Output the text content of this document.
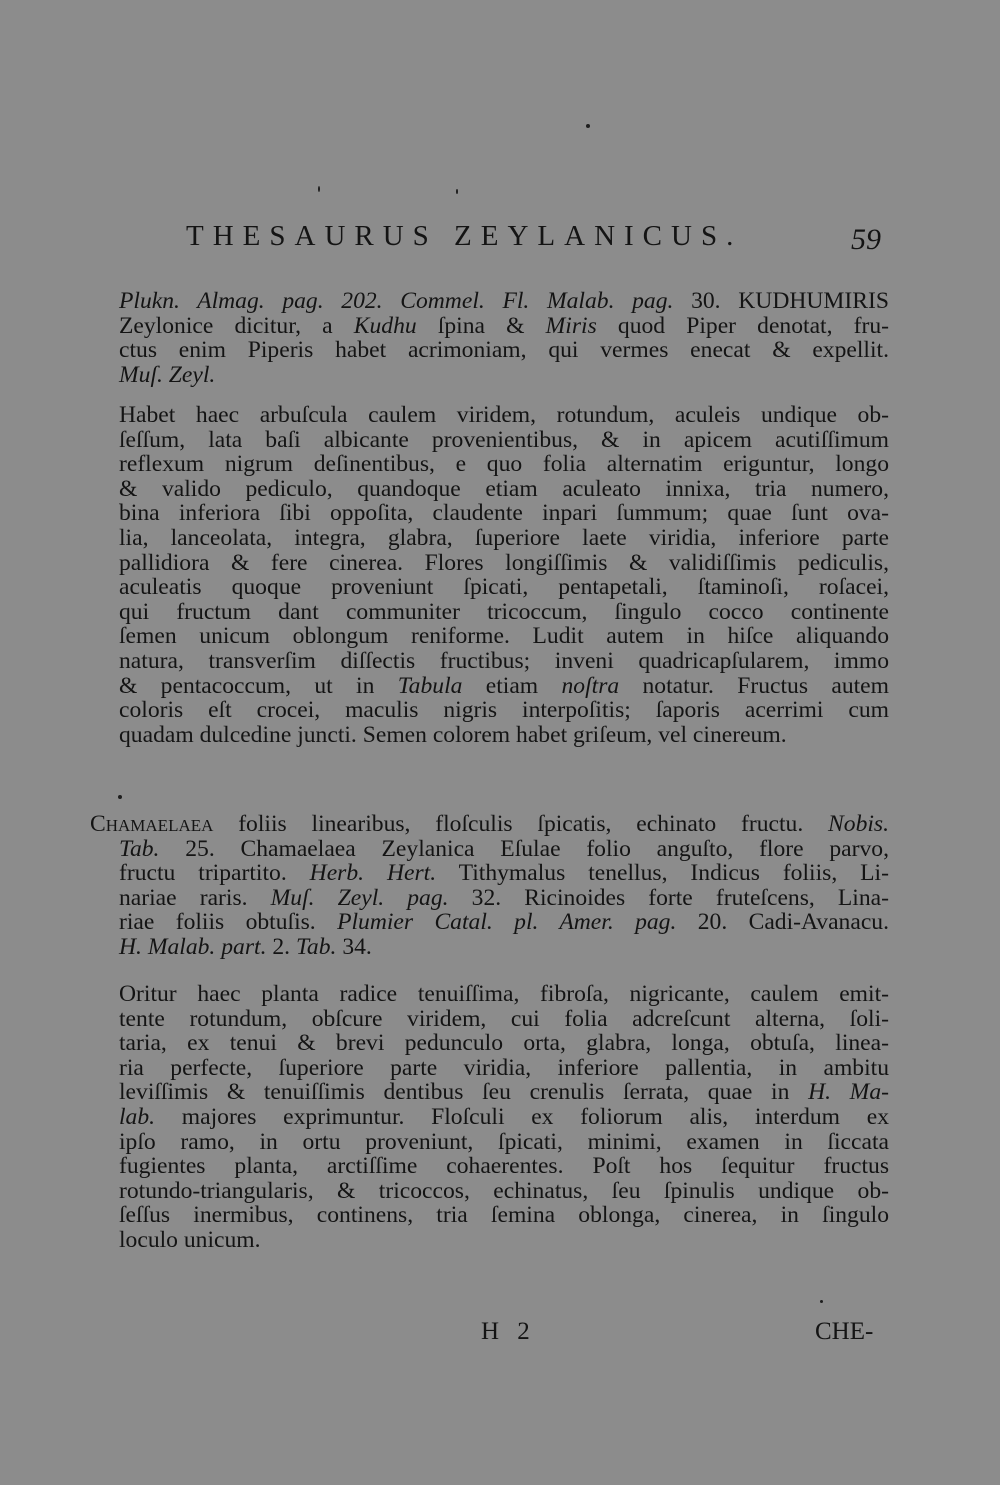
THESAURUS ZEYLANICUS.	59
Plukn. Almag. pag. 202. Commel. Fl. Malab. pag. 30. KUDHUMIRIS
Zeylonice dicitur, a Kudhu ſpina & Miris quod Piper denotat, fru-
ctus enim Piperis habet acrimoniam, qui vermes enecat & expellit.
Muſ. Zeyl.
Habet haec arbuſcula caulem viridem, rotundum, aculeis undique ob-
ſeſſum, lata baſi albicante provenientibus, & in apicem acutiſſimum
reflexum nigrum deſinentibus, e quo folia alternatim eriguntur, longo
& valido pediculo, quandoque etiam aculeato innixa, tria numero,
bina inferiora ſibi oppoſita, claudente inpari ſummum; quae ſunt ova-
lia, lanceolata, integra, glabra, ſuperiore laete viridia, inferiore parte
pallidiora & fere cinerea. Flores longiſſimis & validiſſimis pediculis,
aculeatis quoque proveniunt ſpicati, pentapetali, ſtaminoſi, roſacei,
qui fructum dant communiter tricoccum, ſingulo cocco continente
ſemen unicum oblongum reniforme. Ludit autem in hiſce aliquando
natura, transverſim diſſectis fructibus; inveni quadricapſularem, immo
& pentacoccum, ut in Tabula etiam noſtra notatur. Fructus autem
coloris eſt crocei, maculis nigris interpoſitis; ſaporis acerrimi cum
quadam dulcedine juncti. Semen colorem habet griſeum, vel cinereum.
Chamaelaea foliis linearibus, floſculis ſpicatis, echinato fructu. Nobis.
Tab. 25. Chamaelaea Zeylanica Eſulae folio anguſto, flore parvo,
fructu tripartito. Herb. Hert. Tithymalus tenellus, Indicus foliis, Li-
nariae raris. Muſ. Zeyl. pag. 32. Ricinoides forte fruteſcens, Lina-
riae foliis obtuſis. Plumier Catal. pl. Amer. pag. 20. Cadi-Avanacu.
H. Malab. part. 2. Tab. 34.
Oritur haec planta radice tenuiſſima, fibroſa, nigricante, caulem emit-
tente rotundum, obſcure viridem, cui folia adcreſcunt alterna, ſoli-
taria, ex tenui & brevi pedunculo orta, glabra, longa, obtuſa, linea-
ria perfecte, ſuperiore parte viridia, inferiore pallentia, in ambitu
leviſſimis & tenuiſſimis dentibus ſeu crenulis ſerrata, quae in H. Ma-
lab. majores exprimuntur. Floſculi ex foliorum alis, interdum ex
ipſo ramo, in ortu proveniunt, ſpicati, minimi, examen in ſiccata
fugientes planta, arctiſſime cohaerentes. Poſt hos ſequitur fructus
rotundo-triangularis, & tricoccos, echinatus, ſeu ſpinulis undique ob-
ſeſſus inermibus, continens, tria ſemina oblonga, cinerea, in ſingulo
loculo unicum.
H 2	CHE-
